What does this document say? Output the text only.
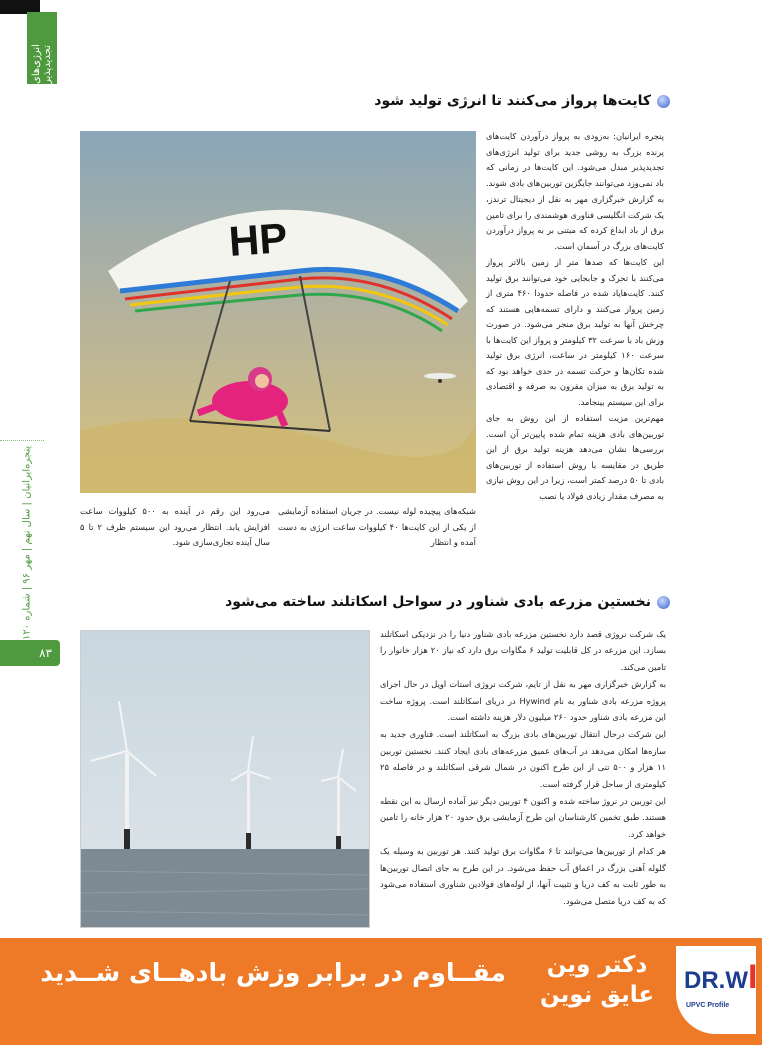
انرژی‌های تجدیدپذیر
پنجره‌ایرانیان | سال نهم | مهر ۹۶ | شماره ۱۲۰
۸۳
کایت‌ها پرواز می‌کنند تا انرژی تولید شود
HP

پنجره ایرانیان: به‌زودی به پرواز درآوردن کایت‌های پرنده بزرگ به روشی جدید برای تولید انرژی‌های تجدیدپذیر مبدل می‌شود. این کایت‌ها در زمانی که باد نمی‌وزد می‌توانند جایگزین توربین‌های بادی شوند.

به گزارش خبرگزاری مهر به نقل از دیجیتال ترندز، یک شرکت انگلیسی فناوری هوشمندی را برای تامین برق از باد ابداع کرده که مبتنی بر به پرواز درآوردن کایت‌های بزرگ در آسمان است.

این کایت‌ها که صدها متر از زمین بالاتر پرواز می‌کنند با تحرک و جابجایی خود می‌توانند برق تولید کنند. کایت‌هایاد شده در فاصله حدودا ۴۶۰ متری از زمین پرواز می‌کنند و دارای تسمه‌هایی هستند که چرخش آنها به تولید برق منجر می‌شود. در صورت وزش باد با سرعت ۳۲ کیلومتر و پرواز این کایت‌ها با سرعت ۱۶۰ کیلومتر در ساعت، انرژی برق تولید شده تکان‌ها و حرکت تسمه در حدی خواهد بود که به تولید برق به میزان مقرون به صرفه و اقتصادی برای این سیستم بینجامد.

مهم‌ترین مزیت استفاده از این روش به جای توربین‌های بادی هزینه تمام شده پایین‌تر آن است. بررسی‌ها نشان می‌دهد هزینه تولید برق از این طریق در مقایسه با روش استفاده از توربین‌های بادی تا ۵۰ درصد کمتر است، زیرا در این روش نیازی به مصرف مقدار زیادی فولاد یا نصب

شبکه‌های پیچیده لوله نیست. در جریان استفاده آزمایشی از یکی از این کایت‌ها ۴۰ کیلووات ساعت انرژی به دست آمده و انتظار

می‌رود این رقم در آینده به ۵۰۰ کیلووات ساعت افزایش یابد. انتظار می‌رود این سیستم ظرف ۲ تا ۵ سال آینده تجاری‌سازی شود.

نخستین مزرعه بادی شناور در سواحل اسکاتلند ساخته می‌شود

یک شرکت نروژی قصد دارد نخستین مزرعه بادی شناور دنیا را در نزدیکی اسکاتلند بسازد. این مزرعه در کل قابلیت تولید ۶ مگاوات برق دارد که نیاز ۲۰ هزار خانوار را تامین می‌کند.

به گزارش خبرگزاری مهر به نقل از تایم، شرکت نروژی استات اویل در حال اجرای پروژه مزرعه بادی شناور به نام Hywind در دریای اسکاتلند است. پروژه ساخت این مزرعه بادی شناور حدود ۲۶۰ میلیون دلار هزینه داشته است.

این شرکت درحال انتقال توربین‌های بادی بزرگ به اسکاتلند است. فناوری جدید به سازه‌ها امکان می‌دهد در آب‌های عمیق مزرعه‌های بادی ایجاد کنند. نخستین توربین ۱۱ هزار و ۵۰۰ تنی از این طرح اکنون در شمال شرقی اسکاتلند و در فاصله ۲۵ کیلومتری از ساحل قرار گرفته است.

این توربین در نروژ ساخته شده و اکنون ۴ توربین دیگر نیز آماده ارسال به این نقطه هستند. طبق تخمین کارشناسان این طرح آزمایشی برق حدود ۲۰ هزار خانه را تامین خواهد کرد.

هر کدام از توربین‌ها می‌توانند تا ۶ مگاوات برق تولید کنند. هر توربین به وسیله یک گلوله آهنی بزرگ در اعماق آب حفظ می‌شود. در این طرح به جای اتصال توربین‌ها به طور ثابت به کف دریا و تثبیت آنها، از لوله‌های فولادین شناوری استفاده می‌شود که به کف دریا متصل می‌شود.

مقــاوم در برابر وزش بادهــای شــدید	دکتر وین
عایق نوین
DR.WI
UPVC Profile
